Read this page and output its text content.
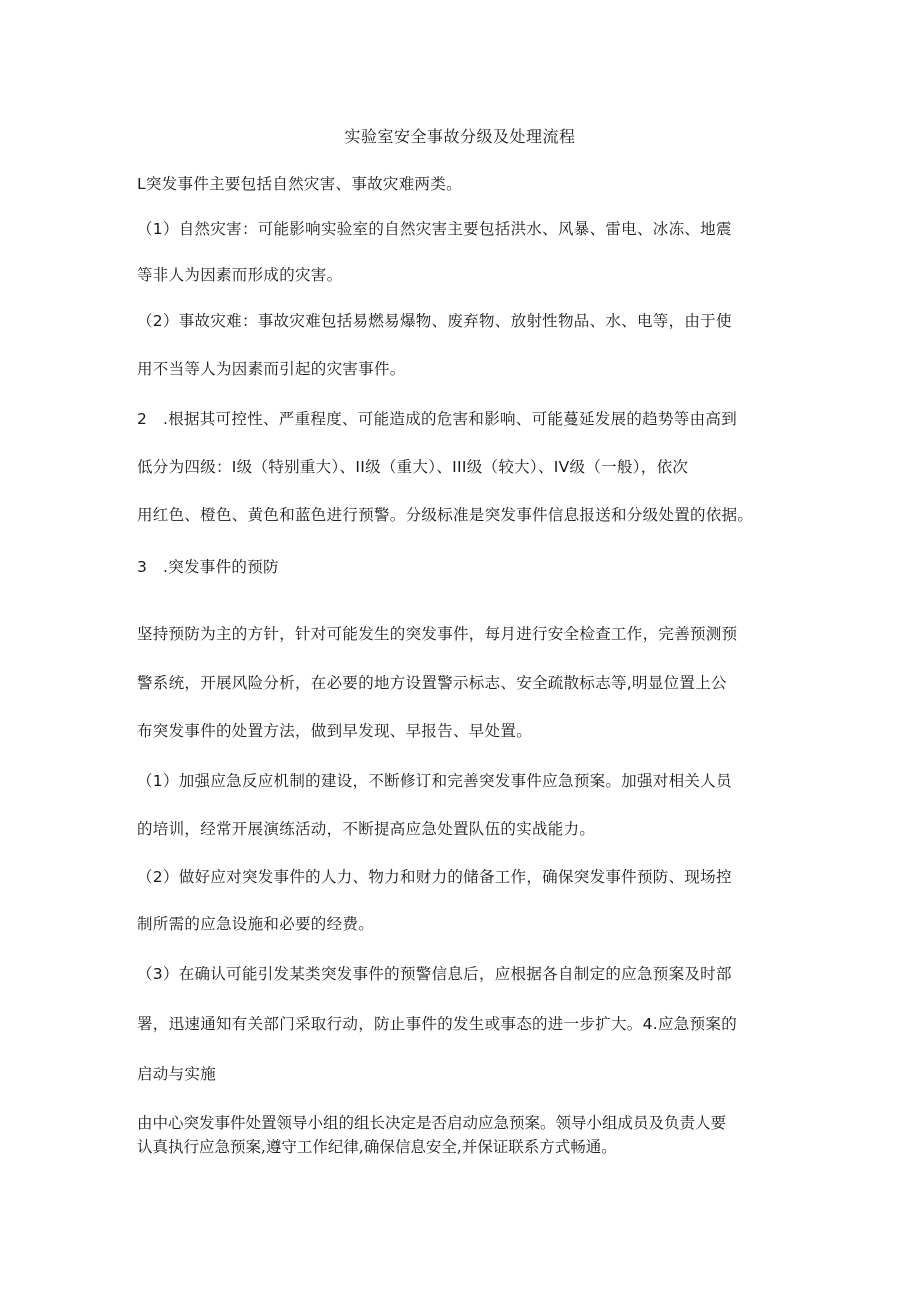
实验室安全事故分级及处理流程
L突发事件主要包括自然灾害、事故灾难两类。
（1）自然灾害：可能影响实验室的自然灾害主要包括洪水、风暴、雷电、冰冻、地震
等非人为因素而形成的灾害。
（2）事故灾难：事故灾难包括易燃易爆物、废弃物、放射性物品、水、电等，由于使
用不当等人为因素而引起的灾害事件。
2　.根据其可控性、严重程度、可能造成的危害和影响、可能蔓延发展的趋势等由高到
低分为四级：I级（特别重大）、II级（重大）、III级（较大）、IV级（一般），依次
用红色、橙色、黄色和蓝色进行预警。分级标准是突发事件信息报送和分级处置的依据。
3　.突发事件的预防
坚持预防为主的方针，针对可能发生的突发事件，每月进行安全检查工作，完善预测预
警系统，开展风险分析，在必要的地方设置警示标志、安全疏散标志等,明显位置上公
布突发事件的处置方法，做到早发现、早报告、早处置。
（1）加强应急反应机制的建设，不断修订和完善突发事件应急预案。加强对相关人员
的培训，经常开展演练活动，不断提高应急处置队伍的实战能力。
（2）做好应对突发事件的人力、物力和财力的储备工作，确保突发事件预防、现场控
制所需的应急设施和必要的经费。
（3）在确认可能引发某类突发事件的预警信息后，应根据各自制定的应急预案及时部
署，迅速通知有关部门采取行动，防止事件的发生或事态的进一步扩大。4.应急预案的
启动与实施

由中心突发事件处置领导小组的组长决定是否启动应急预案。领导小组成员及负责人要

认真执行应急预案,遵守工作纪律,确保信息安全,并保证联系方式畅通。
